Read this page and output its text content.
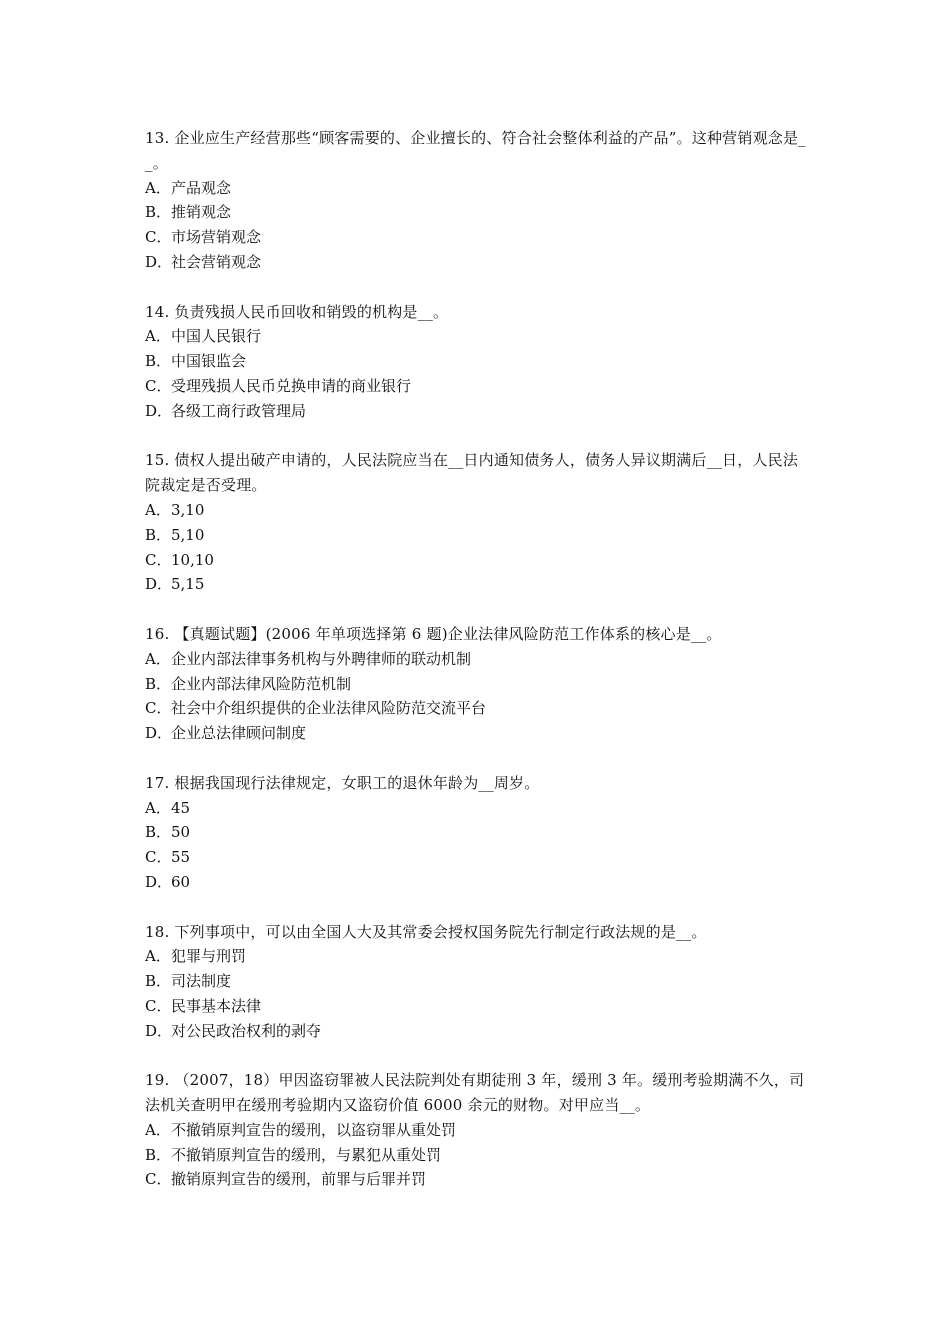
13. 企业应生产经营那些“顾客需要的、企业擅长的、符合社会整体利益的产品”。这种营销观念是__。
A．产品观念
B．推销观念
C．市场营销观念
D．社会营销观念
14. 负责残损人民币回收和销毁的机构是__。
A．中国人民银行
B．中国银监会
C．受理残损人民币兑换申请的商业银行
D．各级工商行政管理局
15. 债权人提出破产申请的，人民法院应当在__日内通知债务人，债务人异议期满后__日，人民法院裁定是否受理。
A．3,10
B．5,10
C．10,10
D．5,15
16. 【真题试题】(2006 年单项选择第 6 题)企业法律风险防范工作体系的核心是__。
A．企业内部法律事务机构与外聘律师的联动机制
B．企业内部法律风险防范机制
C．社会中介组织提供的企业法律风险防范交流平台
D．企业总法律顾问制度
17. 根据我国现行法律规定，女职工的退休年龄为__周岁。
A．45
B．50
C．55
D．60
18. 下列事项中，可以由全国人大及其常委会授权国务院先行制定行政法规的是__。
A．犯罪与刑罚
B．司法制度
C．民事基本法律
D．对公民政治权利的剥夺
19. （2007，18）甲因盗窃罪被人民法院判处有期徒刑 3 年，缓刑 3 年。缓刑考验期满不久，司法机关查明甲在缓刑考验期内又盗窃价值 6000 余元的财物。对甲应当__。
A．不撤销原判宣告的缓刑，以盗窃罪从重处罚
B．不撤销原判宣告的缓刑，与累犯从重处罚
C．撤销原判宣告的缓刑，前罪与后罪并罚
